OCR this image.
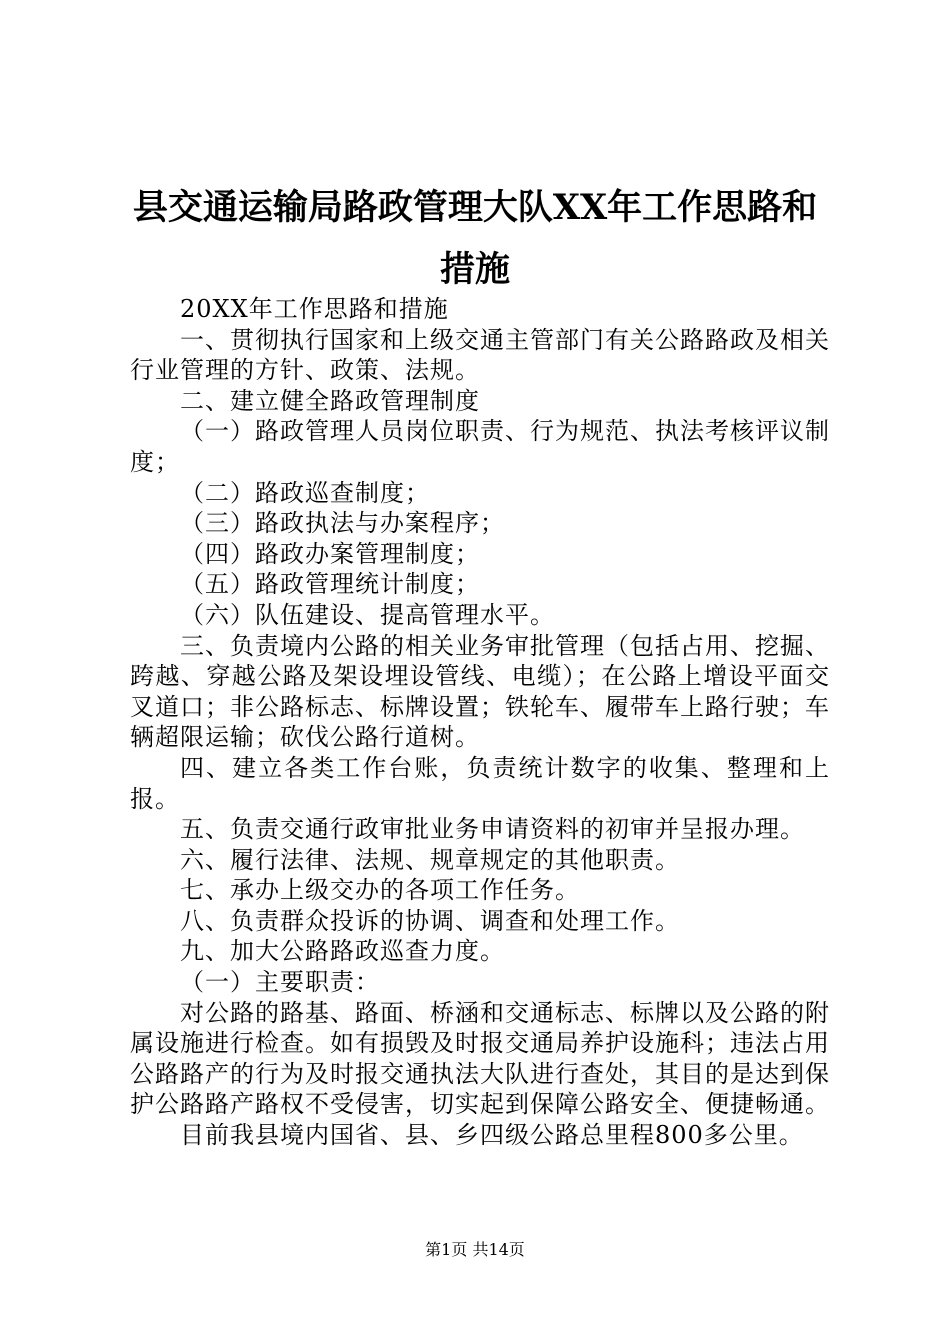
县交通运输局路政管理大队XX年工作思路和
措施

20XX年工作思路和措施

一、贯彻执行国家和上级交通主管部门有关公路路政及相关行业管理的方针、政策、法规。

二、建立健全路政管理制度

（一）路政管理人员岗位职责、行为规范、执法考核评议制度；

（二）路政巡查制度；

（三）路政执法与办案程序；

（四）路政办案管理制度；

（五）路政管理统计制度；

（六）队伍建设、提高管理水平。

三、负责境内公路的相关业务审批管理（包括占用、挖掘、跨越、穿越公路及架设埋设管线、电缆）；在公路上增设平面交叉道口；非公路标志、标牌设置；铁轮车、履带车上路行驶；车辆超限运输；砍伐公路行道树。

四、建立各类工作台账，负责统计数字的收集、整理和上报。

五、负责交通行政审批业务申请资料的初审并呈报办理。

六、履行法律、法规、规章规定的其他职责。

七、承办上级交办的各项工作任务。

八、负责群众投诉的协调、调查和处理工作。

九、加大公路路政巡查力度。

（一）主要职责：

对公路的路基、路面、桥涵和交通标志、标牌以及公路的附属设施进行检查。如有损毁及时报交通局养护设施科；违法占用公路路产的行为及时报交通执法大队进行查处，其目的是达到保护公路路产路权不受侵害，切实起到保障公路安全、便捷畅通。

目前我县境内国省、县、乡四级公路总里程800多公里。

第1页 共14页
